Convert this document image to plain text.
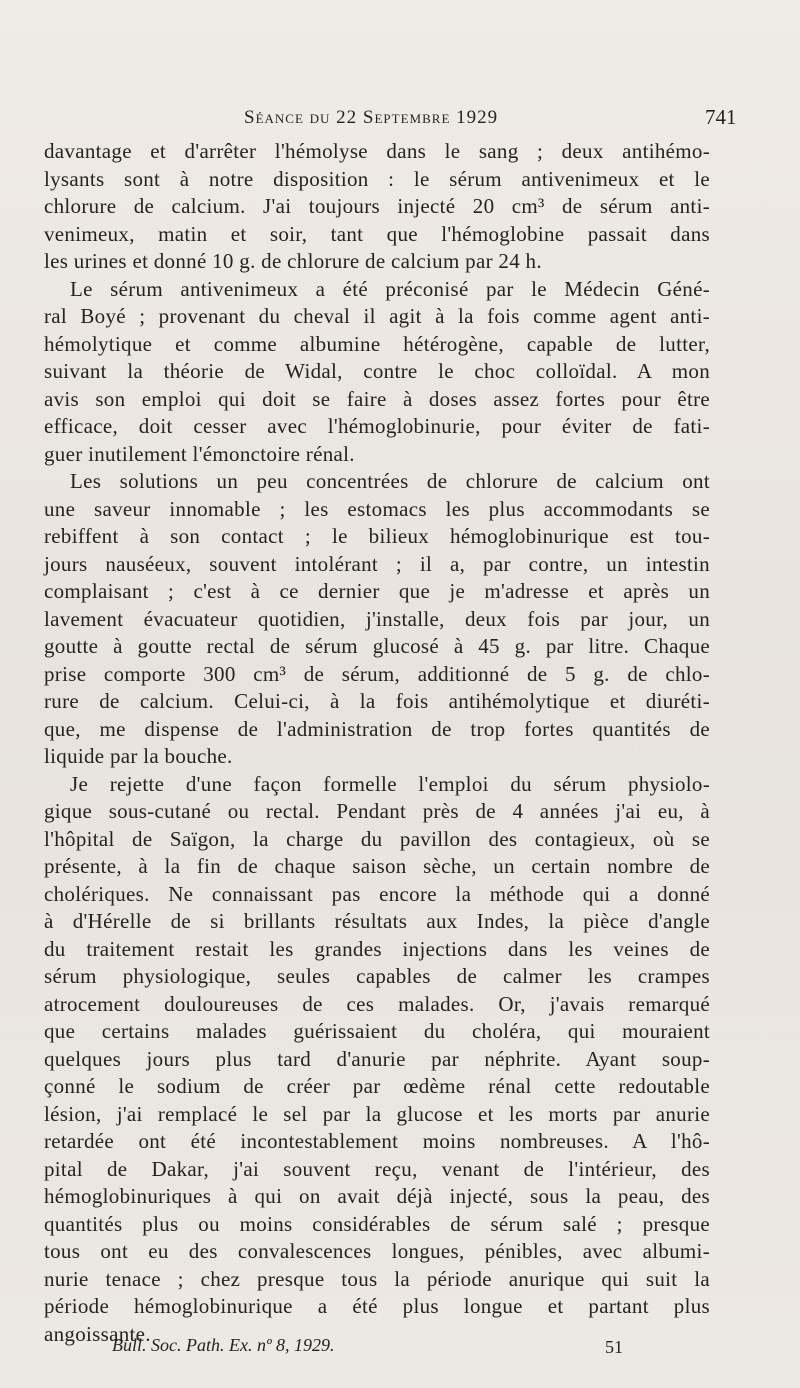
Séance du 22 Septembre 1929	741

davantage et d'arrêter l'hémolyse dans le sang ; deux antihémo-
lysants sont à notre disposition : le sérum antivenimeux et le
chlorure de calcium. J'ai toujours injecté 20 cm³ de sérum anti-
venimeux, matin et soir, tant que l'hémoglobine passait dans
les urines et donné 10 g. de chlorure de calcium par 24 h.

Le sérum antivenimeux a été préconisé par le Médecin Géné-
ral Boyé ; provenant du cheval il agit à la fois comme agent anti-
hémolytique et comme albumine hétérogène, capable de lutter,
suivant la théorie de Widal, contre le choc colloïdal. A mon
avis son emploi qui doit se faire à doses assez fortes pour être
efficace, doit cesser avec l'hémoglobinurie, pour éviter de fati-
guer inutilement l'émonctoire rénal.

Les solutions un peu concentrées de chlorure de calcium ont
une saveur innomable ; les estomacs les plus accommodants se
rebiffent à son contact ; le bilieux hémoglobinurique est tou-
jours nauséeux, souvent intolérant ; il a, par contre, un intestin
complaisant ; c'est à ce dernier que je m'adresse et après un
lavement évacuateur quotidien, j'installe, deux fois par jour, un
goutte à goutte rectal de sérum glucosé à 45 g. par litre. Chaque
prise comporte 300 cm³ de sérum, additionné de 5 g. de chlo-
rure de calcium. Celui-ci, à la fois antihémolytique et diuréti-
que, me dispense de l'administration de trop fortes quantités de
liquide par la bouche.

Je rejette d'une façon formelle l'emploi du sérum physiolo-
gique sous-cutané ou rectal. Pendant près de 4 années j'ai eu, à
l'hôpital de Saïgon, la charge du pavillon des contagieux, où se
présente, à la fin de chaque saison sèche, un certain nombre de
cholériques. Ne connaissant pas encore la méthode qui a donné
à d'Hérelle de si brillants résultats aux Indes, la pièce d'angle
du traitement restait les grandes injections dans les veines de
sérum physiologique, seules capables de calmer les crampes
atrocement douloureuses de ces malades. Or, j'avais remarqué
que certains malades guérissaient du choléra, qui mouraient
quelques jours plus tard d'anurie par néphrite. Ayant soup-
çonné le sodium de créer par œdème rénal cette redoutable
lésion, j'ai remplacé le sel par la glucose et les morts par anurie
retardée ont été incontestablement moins nombreuses. A l'hô-
pital de Dakar, j'ai souvent reçu, venant de l'intérieur, des
hémoglobinuriques à qui on avait déjà injecté, sous la peau, des
quantités plus ou moins considérables de sérum salé ; presque
tous ont eu des convalescences longues, pénibles, avec albumi-
nurie tenace ; chez presque tous la période anurique qui suit la
période hémoglobinurique a été plus longue et partant plus
angoissante.

Bull. Soc. Path. Ex. nº 8, 1929.	51
